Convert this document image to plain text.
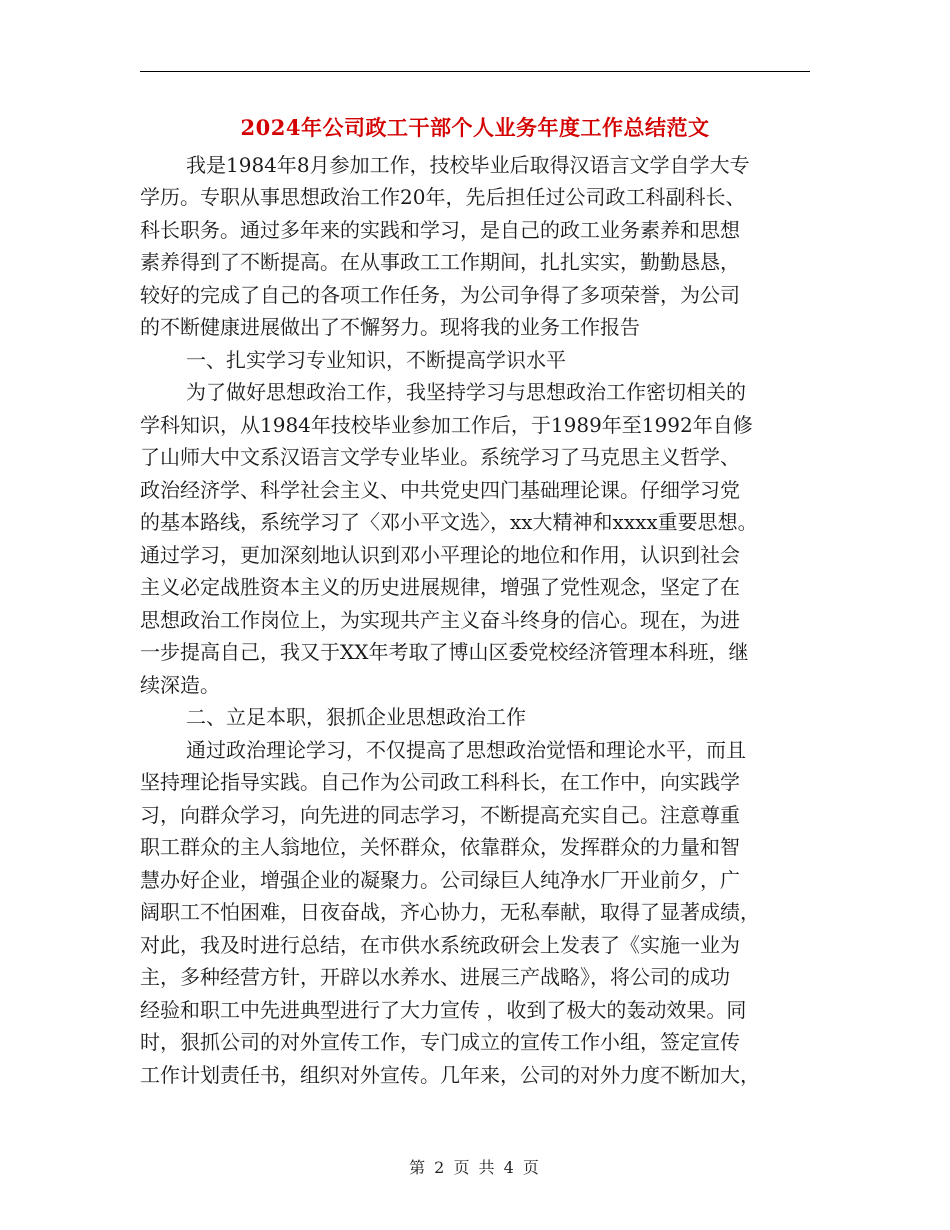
2024年公司政工干部个人业务年度工作总结范文
我是1984年8月参加工作，技校毕业后取得汉语言文学自学大专
学历。专职从事思想政治工作20年，先后担任过公司政工科副科长、
科长职务。通过多年来的实践和学习，是自己的政工业务素养和思想
素养得到了不断提高。在从事政工工作期间，扎扎实实，勤勤恳恳，
较好的完成了自己的各项工作任务，为公司争得了多项荣誉，为公司
的不断健康进展做出了不懈努力。现将我的业务工作报告
一、扎实学习专业知识，不断提高学识水平
为了做好思想政治工作，我坚持学习与思想政治工作密切相关的
学科知识，从1984年技校毕业参加工作后，于1989年至1992年自修
了山师大中文系汉语言文学专业毕业。系统学习了马克思主义哲学、
政治经济学、科学社会主义、中共党史四门基础理论课。仔细学习党
的基本路线，系统学习了〈邓小平文选〉，xx大精神和xxxx重要思想。
通过学习，更加深刻地认识到邓小平理论的地位和作用，认识到社会
主义必定战胜资本主义的历史进展规律，增强了党性观念，坚定了在
思想政治工作岗位上，为实现共产主义奋斗终身的信心。现在，为进
一步提高自己，我又于XX年考取了博山区委党校经济管理本科班，继
续深造。
二、立足本职，狠抓企业思想政治工作
通过政治理论学习，不仅提高了思想政治觉悟和理论水平，而且
坚持理论指导实践。自己作为公司政工科科长，在工作中，向实践学
习，向群众学习，向先进的同志学习，不断提高充实自己。注意尊重
职工群众的主人翁地位，关怀群众，依靠群众，发挥群众的力量和智
慧办好企业，增强企业的凝聚力。公司绿巨人纯净水厂开业前夕，广
阔职工不怕困难，日夜奋战，齐心协力，无私奉献，取得了显著成绩，
对此，我及时进行总结，在市供水系统政研会上发表了《实施一业为
主，多种经营方针，开辟以水养水、进展三产战略》，将公司的成功
经验和职工中先进典型进行了大力宣传 ，收到了极大的轰动效果。同
时，狠抓公司的对外宣传工作，专门成立的宣传工作小组，签定宣传
工作计划责任书，组织对外宣传。几年来，公司的对外力度不断加大，
第 2 页 共 4 页
